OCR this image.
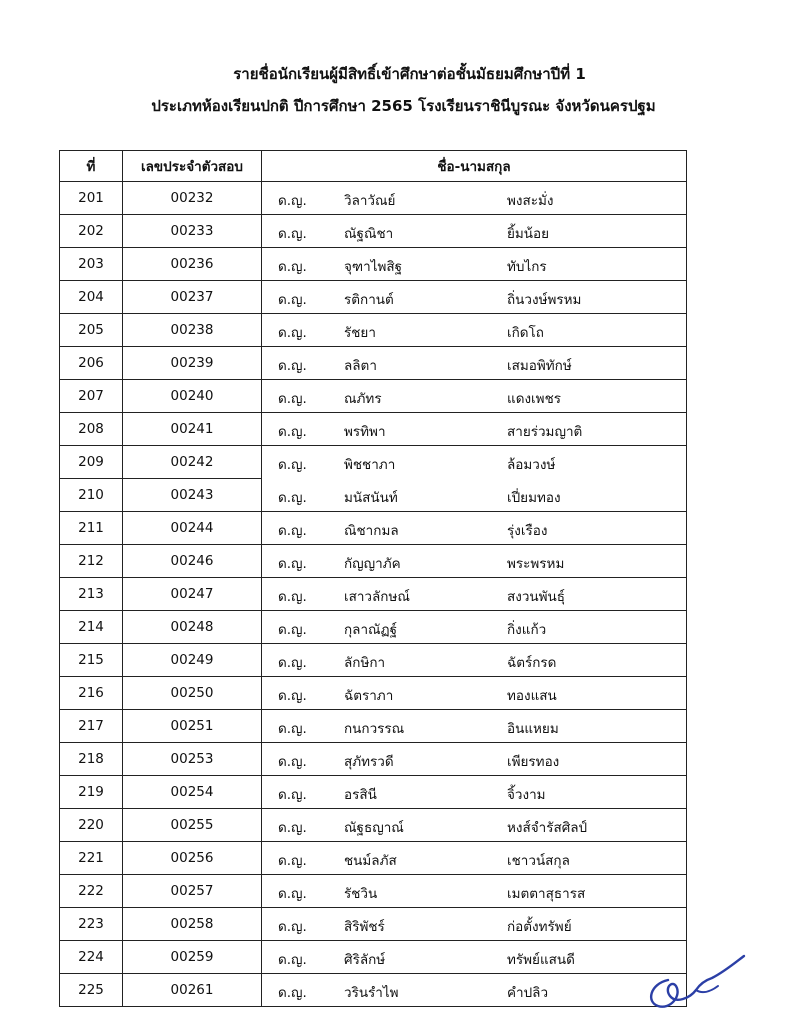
รายชื่อนักเรียนผู้มีสิทธิ์เข้าศึกษาต่อชั้นมัธยมศึกษาปีที่ 1
ประเภทห้องเรียนปกติ ปีการศึกษา 2565 โรงเรียนราชินีบูรณะ จังหวัดนครปฐม
ที่	เลขประจำตัวสอบ	ชื่อ-นามสกุล
201	00232	ด.ญ. วิลาวัณย์ พงสะมั่ง

202	00233	ด.ญ. ณัฐณิชา ยิ้มน้อย

203	00236	ด.ญ. จุฑาไพสิฐ ทับไกร

204	00237	ด.ญ. รติกานต์ ถิ่นวงษ์พรหม

205	00238	ด.ญ. รัชยา เกิดโถ

206	00239	ด.ญ. ลลิตา เสมอพิทักษ์

207	00240	ด.ญ. ณภัทร แดงเพชร

208	00241	ด.ญ. พรทิพา สายร่วมญาติ

209	00242	ด.ญ. พิชชาภา ล้อมวงษ์

210	00243	ด.ญ. มนัสนันท์ เปี่ยมทอง

211	00244	ด.ญ. ณิชากมล รุ่งเรือง

212	00246	ด.ญ. กัญญาภัค พระพรหม

213	00247	ด.ญ. เสาวลักษณ์ สงวนพันธุ์

214	00248	ด.ญ. กุลาณัฏฐ์ กิ่งแก้ว

215	00249	ด.ญ. ลักษิกา ฉัตร์กรด

216	00250	ด.ญ. ฉัตราภา ทองแสน

217	00251	ด.ญ. กนกวรรณ อินแหยม

218	00253	ด.ญ. สุภัทรวดี เพียรทอง

219	00254	ด.ญ. อรสินี จิ้วงาม

220	00255	ด.ญ. ณัฐธญาณ์ หงส์จำรัสศิลป์

221	00256	ด.ญ. ชนม์ลภัส เชาวน์สกุล

222	00257	ด.ญ. รัชวิน เมตตาสุธารส

223	00258	ด.ญ. สิริพัชร์ ก่อตั้งทรัพย์

224	00259	ด.ญ. ศิริลักษ์ ทรัพย์แสนดี

225	00261	ด.ญ. วรินรำไพ คำปลิว
